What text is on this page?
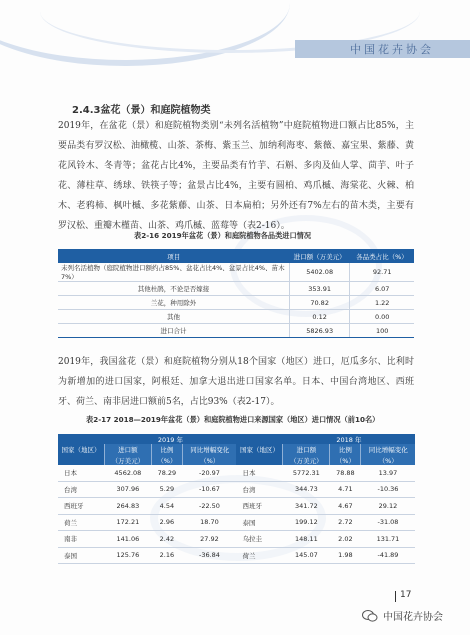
中国花卉协会
2.4.3盆花（景）和庭院植物类
2019年，在盆花（景）和庭院植物类别“未列名活植物”中庭院植物进口额占比85%，主要品类有罗汉松、油橄榄、山茶、茶梅、紫玉兰、加纳利海枣、紫薇、嘉宝果、紫藤、黄花风铃木、冬青等；盆花占比4%，主要品类有竹芋、石斛、多肉及仙人掌、茴芋、叶子花、薄柱草、绣球、铁筷子等；盆景占比4%，主要有圆柏、鸡爪槭、海棠花、火棘、柏木、老鸦柿、枫叶槭、多花紫藤、山茶、日本扁柏；另外还有7%左右的苗木类，主要有罗汉松、重瓣木槿苗、山茶、鸡爪槭、蓝莓等（表2-16）。
表2-16 2019年盆花（景）和庭院植物各品类进口情况
项目	进口额（万美元）	各品类占比（%）
未列名活植物（庭院植物进口额约占85%、盆花占比4%、盆景占比4%、苗木7%）	5402.08	92.71
其他杜鹃，不论是否嫁接	353.91	6.07
兰花，种用除外	70.82	1.22
其他	0.12	0.00
进口合计	5826.93	100
2019年，我国盆花（景）和庭院植物分别从18个国家（地区）进口，厄瓜多尔、比利时为新增加的进口国家，阿根廷、加拿大退出进口国家名单。日本、中国台湾地区、西班牙、荷兰、南非居进口额前5名，占比93%（表2-17）。
表2-17 2018—2019年盆花（景）和庭院植物进口来源国家（地区）进口情况（前10名）
国家（地区）	2019 年			国家（地区）	2018 年		
	进口额	比例	同比增幅变化		进口额	比例	同比增幅变化
	（万美元）	（%）	（%）		（万美元）	（%）	（%）
日本	4562.08	78.29	-20.97	日本	5772.31	78.88	13.97
台湾	307.96	5.29	-10.67	台湾	344.73	4.71	-10.36
西班牙	264.83	4.54	-22.50	西班牙	341.72	4.67	29.12
荷兰	172.21	2.96	18.70	泰国	199.12	2.72	-31.08
南非	141.06	2.42	27.92	乌拉圭	148.11	2.02	131.71
泰国	125.76	2.16	-36.84	荷兰	145.07	1.98	-41.89
17
中国花卉协会
